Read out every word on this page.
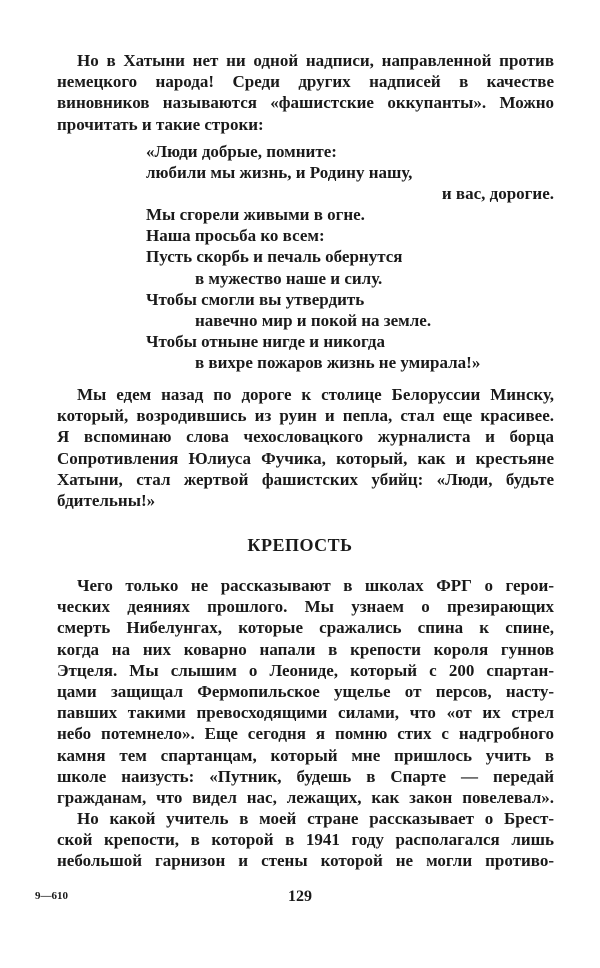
Но в Хатыни нет ни одной надписи, направленной против
немецкого народа! Среди других надписей в качестве
виновников называются «фашистские оккупанты». Можно
прочитать и такие строки:
«Люди добрые, помните:
любили мы жизнь, и Родину нашу,
и вас, дорогие.
Мы сгорели живыми в огне.
Наша просьба ко всем:
Пусть скорбь и печаль обернутся
в мужество наше и силу.
Чтобы смогли вы утвердить
навечно мир и покой на земле.
Чтобы отныне нигде и никогда
в вихре пожаров жизнь не умирала!»
Мы едем назад по дороге к столице Белоруссии Минску,
который, возродившись из руин и пепла, стал еще красивее.
Я вспоминаю слова чехословацкого журналиста и борца
Сопротивления Юлиуса Фучика, который, как и крестьяне
Хатыни, стал жертвой фашистских убийц: «Люди, будьте
бдительны!»
КРЕПОСТЬ
Чего только не рассказывают в школах ФРГ о герои-
ческих деяниях прошлого. Мы узнаем о презирающих
смерть Нибелунгах, которые сражались спина к спине,
когда на них коварно напали в крепости короля гуннов
Этцеля. Мы слышим о Леониде, который с 200 спартан-
цами защищал Фермопильское ущелье от персов, насту-
павших такими превосходящими силами, что «от их стрел
небо потемнело». Еще сегодня я помню стих с надгробного
камня тем спартанцам, который мне пришлось учить в
школе наизусть: «Путник, будешь в Спарте — передай
гражданам, что видел нас, лежащих, как закон повелевал».
Но какой учитель в моей стране рассказывает о Брест-
ской крепости, в которой в 1941 году располагался лишь
небольшой гарнизон и стены которой не могли противо-
9—610	129
